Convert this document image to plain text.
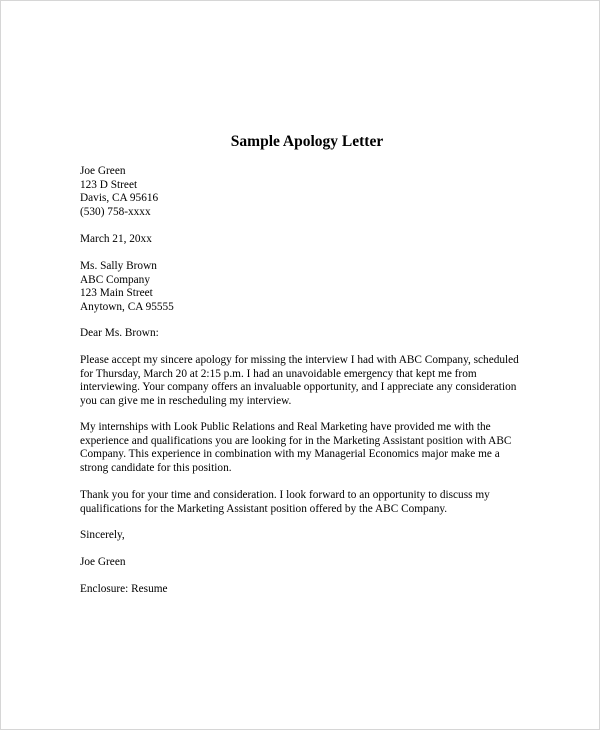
Sample Apology Letter
Joe Green
123 D Street
Davis, CA 95616
(530) 758-xxxx
March 21, 20xx
Ms. Sally Brown
ABC Company
123 Main Street
Anytown, CA 95555
Dear Ms. Brown:
Please accept my sincere apology for missing the interview I had with ABC Company, scheduled
for Thursday, March 20 at 2:15 p.m. I had an unavoidable emergency that kept me from
interviewing. Your company offers an invaluable opportunity, and I appreciate any consideration
you can give me in rescheduling my interview.
My internships with Look Public Relations and Real Marketing have provided me with the
experience and qualifications you are looking for in the Marketing Assistant position with ABC
Company. This experience in combination with my Managerial Economics major make me a
strong candidate for this position.
Thank you for your time and consideration. I look forward to an opportunity to discuss my
qualifications for the Marketing Assistant position offered by the ABC Company.
Sincerely,
Joe Green
Enclosure: Resume
